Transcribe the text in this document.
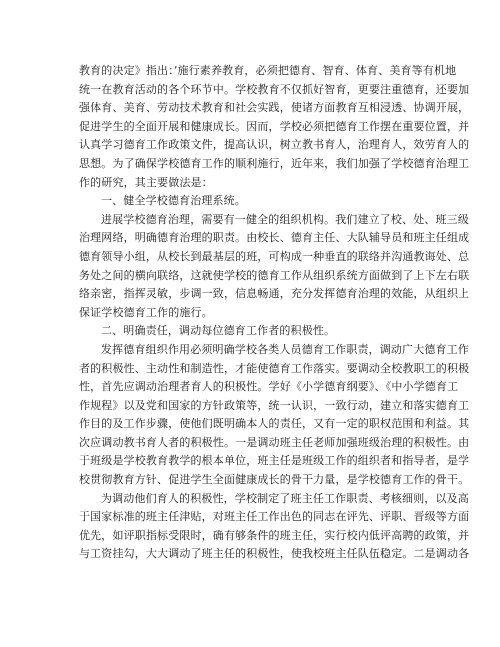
教育的决定》指出：’施行素养教育，必须把德育、智育、体育、美育等有机地
统一在教育活动的各个环节中。学校教育不仅抓好智育，更要注重德育，还要加
强体育、美育、劳动技术教育和社会实践，使诸方面教育互相浸透、协调开展，
促进学生的全面开展和健康成长。因而，学校必须把德育工作摆在重要位置，并
认真学习德育工作政策文件，提高认识，树立教书育人，治理育人，效劳育人的
思想。为了确保学校德育工作的顺利施行，近年来，我们加强了学校德育治理工
作的研究，其主要做法是：
一、健全学校德育治理系统。
进展学校德育治理，需要有一健全的组织机构。我们建立了校、处、班三级
治理网络，明确德育治理的职责。由校长、德育主任、大队辅导员和班主任组成
德育领导小组，从校长到最基层的班，可构成一种垂直的联络并沟通教诲处、总
务处之间的横向联络，这就使学校的德育工作从组织系统方面做到了上下左右联
络亲密，指挥灵敏，步调一致，信息畅通，充分发挥德育治理的效能，从组织上
保证学校德育工作的施行。
二、明确责任，调动每位德育工作者的积极性。
发挥德育组织作用必须明确学校各类人员德育工作职责，调动广大德育工作
者的积极性、主动性和制造性，才能使德育工作落实。要调动全校教职工的积极
性，首先应调动治理者育人的积极性。学好《小学德育纲要》、《中小学德育工
作规程》以及党和国家的方针政策等，统一认识，一致行动，建立和落实德育工
作目的及工作步骤，使他们既明确本人的责任，又有一定的职权范围和利益。其
次应调动教书育人者的积极性。一是调动班主任老师加强班级治理的积极性。由
于班级是学校教育教学的根本单位，班主任是班级工作的组织者和指导者，是学
校贯彻教育方针、促进学生全面健康成长的骨干力量，是学校德育工作的骨干。
为调动他们育人的积极性，学校制定了班主任工作职责、考核细则，以及高
于国家标准的班主任津贴，对班主任工作出色的同志在评先、评职、晋级等方面
优先，如评职指标受限时，确有够条件的班主任，实行校内低评高聘的政策，并
与工资挂勾，大大调动了班主任的积极性，使我校班主任队伍稳定。二是调动各
